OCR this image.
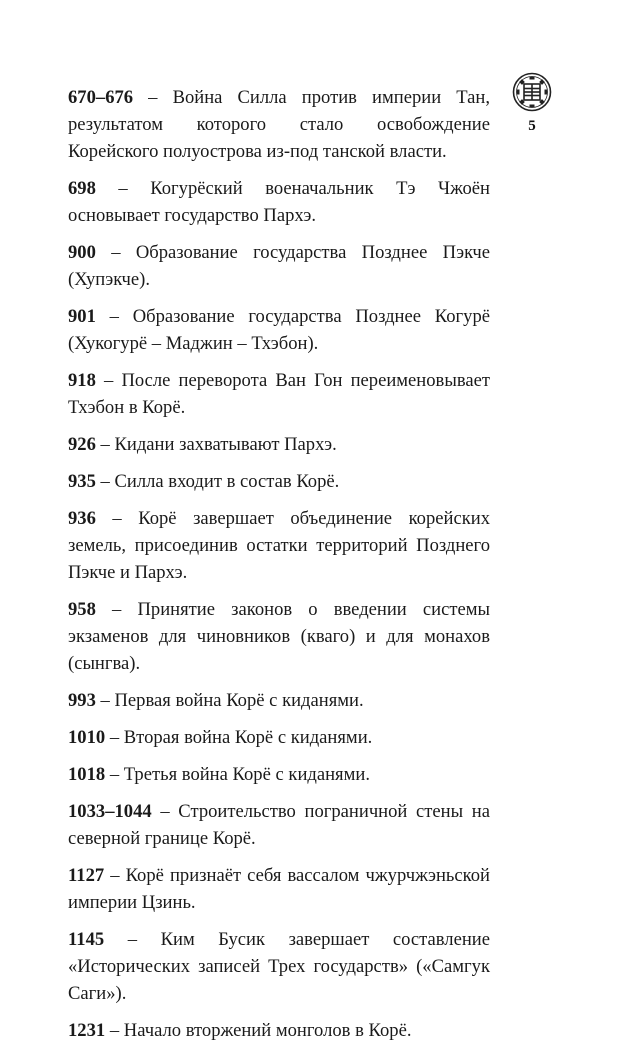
5

670–676 – Война Силла против империи Тан, результатом которого стало освобождение Корейского полуострова из-под танской власти.

698 – Когурёский военачальник Тэ Чжоён основывает государство Пархэ.

900 – Образование государства Позднее Пэкче (Хупэкче).

901 – Образование государства Позднее Когурё (Хукогурё – Маджин – Тхэбон).

918 – После переворота Ван Гон переименовывает Тхэбон в Корё.

926 – Кидани захватывают Пархэ.

935 – Силла входит в состав Корё.

936 – Корё завершает объединение корейских земель, присоединив остатки территорий Позднего Пэкче и Пархэ.

958 – Принятие законов о введении системы экзаменов для чиновников (кваго) и для монахов (сынгва).

993 – Первая война Корё с киданями.

1010 – Вторая война Корё с киданями.

1018 – Третья война Корё с киданями.

1033–1044 – Строительство пограничной стены на северной границе Корё.

1127 – Корё признаёт себя вассалом чжурчжэньской империи Цзинь.

1145 – Ким Бусик завершает составление «Исторических записей Трех государств» («Самгук Саги»).

1231 – Начало вторжений монголов в Корё.
